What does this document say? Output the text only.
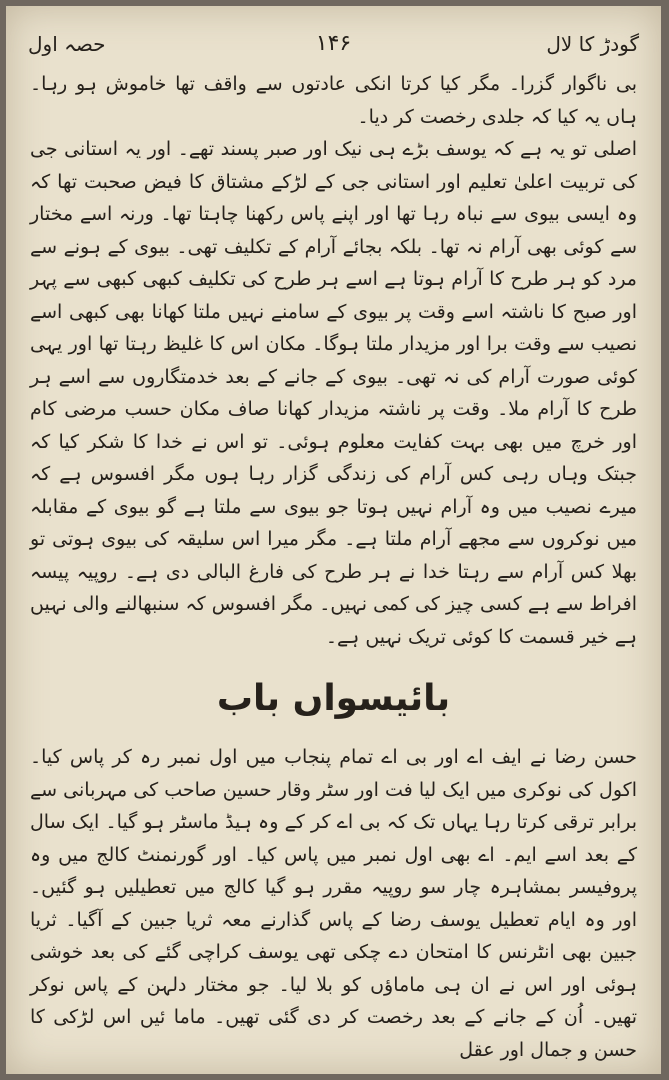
گودڑ کا لال
۱۴۶
حصہ اول

بی ناگوار گزرا۔ مگر کیا کرتا انکی عادتوں سے واقف تھا خاموش ہو رہا۔ ہاں یہ کیا کہ جلدی رخصت کر دیا۔

اصلی تو یہ ہے کہ یوسف بڑے ہی نیک اور صبر پسند تھے۔ اور یہ استانی جی کی تربیت اعلیٰ تعلیم اور استانی جی کے لڑکے مشتاق کا فیض صحبت تھا کہ وہ ایسی بیوی سے نباہ رہا تھا اور اپنے پاس رکھنا چاہتا تھا۔ ورنہ اسے مختار سے کوئی بھی آرام نہ تھا۔ بلکہ بجائے آرام کے تکلیف تھی۔ بیوی کے ہونے سے مرد کو ہر طرح کا آرام ہوتا ہے اسے ہر طرح کی تکلیف کبھی کبھی سے پہر اور صبح کا ناشتہ اسے وقت پر بیوی کے سامنے نہیں ملتا کھانا بھی کبھی اسے نصیب سے وقت برا اور مزیدار ملتا ہوگا۔ مکان اس کا غلیظ رہتا تھا اور یہی کوئی صورت آرام کی نہ تھی۔ بیوی کے جانے کے بعد خدمتگاروں سے اسے ہر طرح کا آرام ملا۔ وقت پر ناشتہ مزیدار کھانا صاف مکان حسب مرضی کام اور خرچ میں بھی بہت کفایت معلوم ہوئی۔ تو اس نے خدا کا شکر کیا کہ جبتک وہاں رہی کس آرام کی زندگی گزار رہا ہوں مگر افسوس ہے کہ میرے نصیب میں وہ آرام نہیں ہوتا جو بیوی سے ملتا ہے گو بیوی کے مقابلہ میں نوکروں سے مجھے آرام ملتا ہے۔ مگر میرا اس سلیقہ کی بیوی ہوتی تو بھلا کس آرام سے رہتا خدا نے ہر طرح کی فارغ البالی دی ہے۔ روپیہ پیسہ افراط سے ہے کسی چیز کی کمی نہیں۔ مگر افسوس کہ سنبھالنے والی نہیں ہے خیر قسمت کا کوئی تریک نہیں ہے۔

بائیسواں باب

حسن رضا نے ایف اے اور بی اے تمام پنجاب میں اول نمبر رہ کر پاس کیا۔ اکول کی نوکری میں ایک لیا فت اور سٹر وقار حسین صاحب کی مہربانی سے برابر ترقی کرتا رہا یہاں تک کہ بی اے کر کے وہ ہیڈ ماسٹر ہو گیا۔ ایک سال کے بعد اسے ایم۔ اے بھی اول نمبر میں پاس کیا۔ اور گورنمنٹ کالج میں وہ پروفیسر بمشاہرہ چار سو روپیہ مقرر ہو گیا کالج میں تعطیلیں ہو گئیں۔ اور وہ ایام تعطیل یوسف رضا کے پاس گذارنے معہ ثریا جبین کے آگیا۔ ثریا جبین بھی انٹرنس کا امتحان دے چکی تھی یوسف کراچی گئے کی بعد خوشی ہوئی اور اس نے ان ہی ماماؤں کو بلا لیا۔ جو مختار دلہن کے پاس نوکر تھیں۔ اُن کے جانے کے بعد رخصت کر دی گئی تھیں۔ ماما ئیں اس لڑکی کا حسن و جمال اور عقل
